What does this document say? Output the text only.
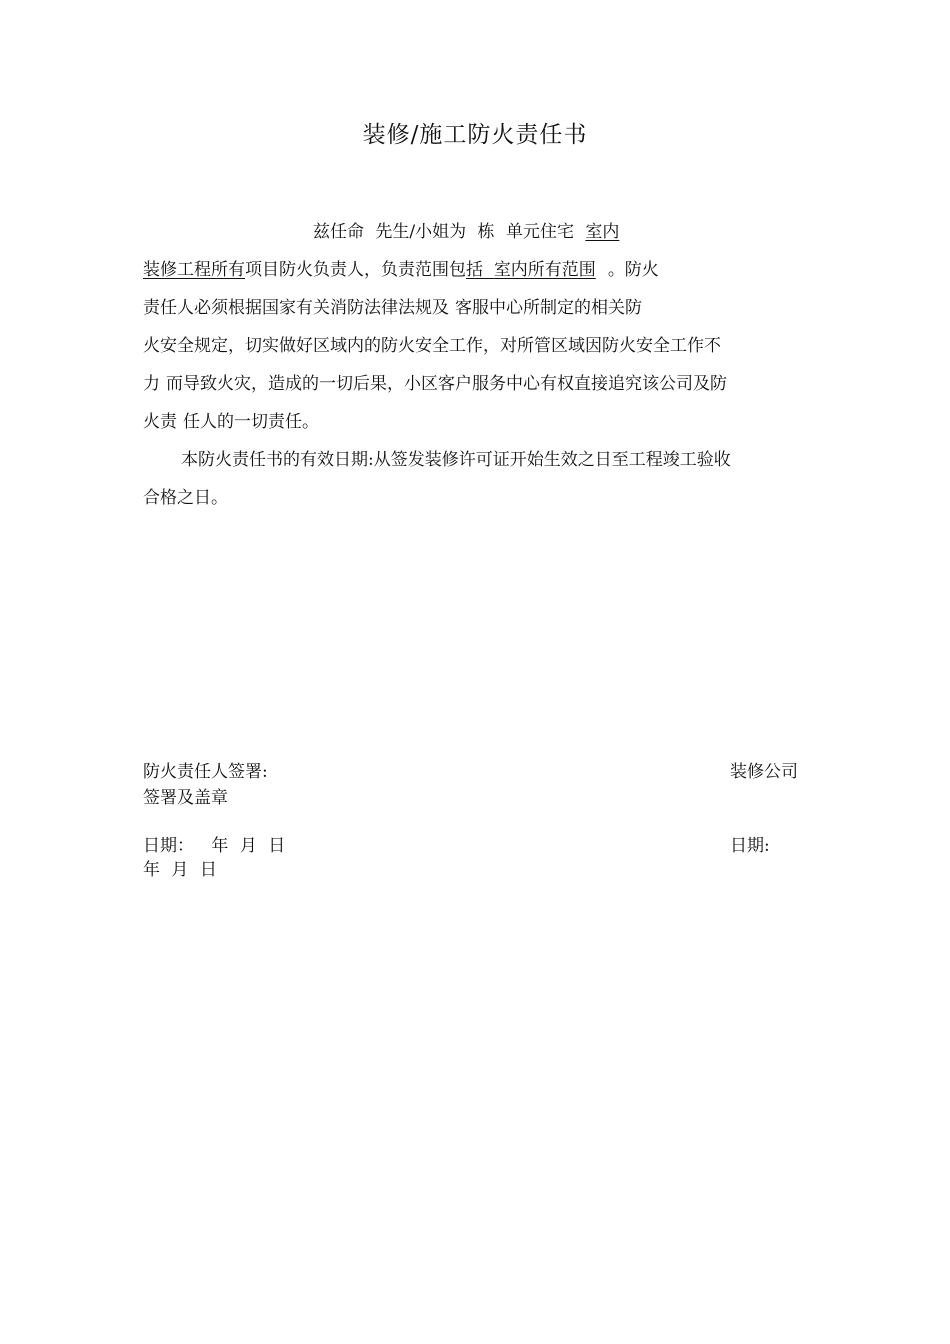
装修/施工防火责任书
兹任命 先生/小姐为 栋 单元住宅 室内
装修工程所有项目防火负责人，负责范围包括 室内所有范围 。防火
责任人必须根据国家有关消防法律法规及 客服中心所制定的相关防
火安全规定，切实做好区域内的防火安全工作，对所管区域因防火安全工作不
力 而导致火灾，造成的一切后果，小区客户服务中心有权直接追究该公司及防
火责 任人的一切责任。
本防火责任书的有效日期:从签发装修许可证开始生效之日至工程竣工验收
合格之日。
防火责任人签署:	装修公司
签署及盖章
日期： 年 月 日	日期:
年 月 日
